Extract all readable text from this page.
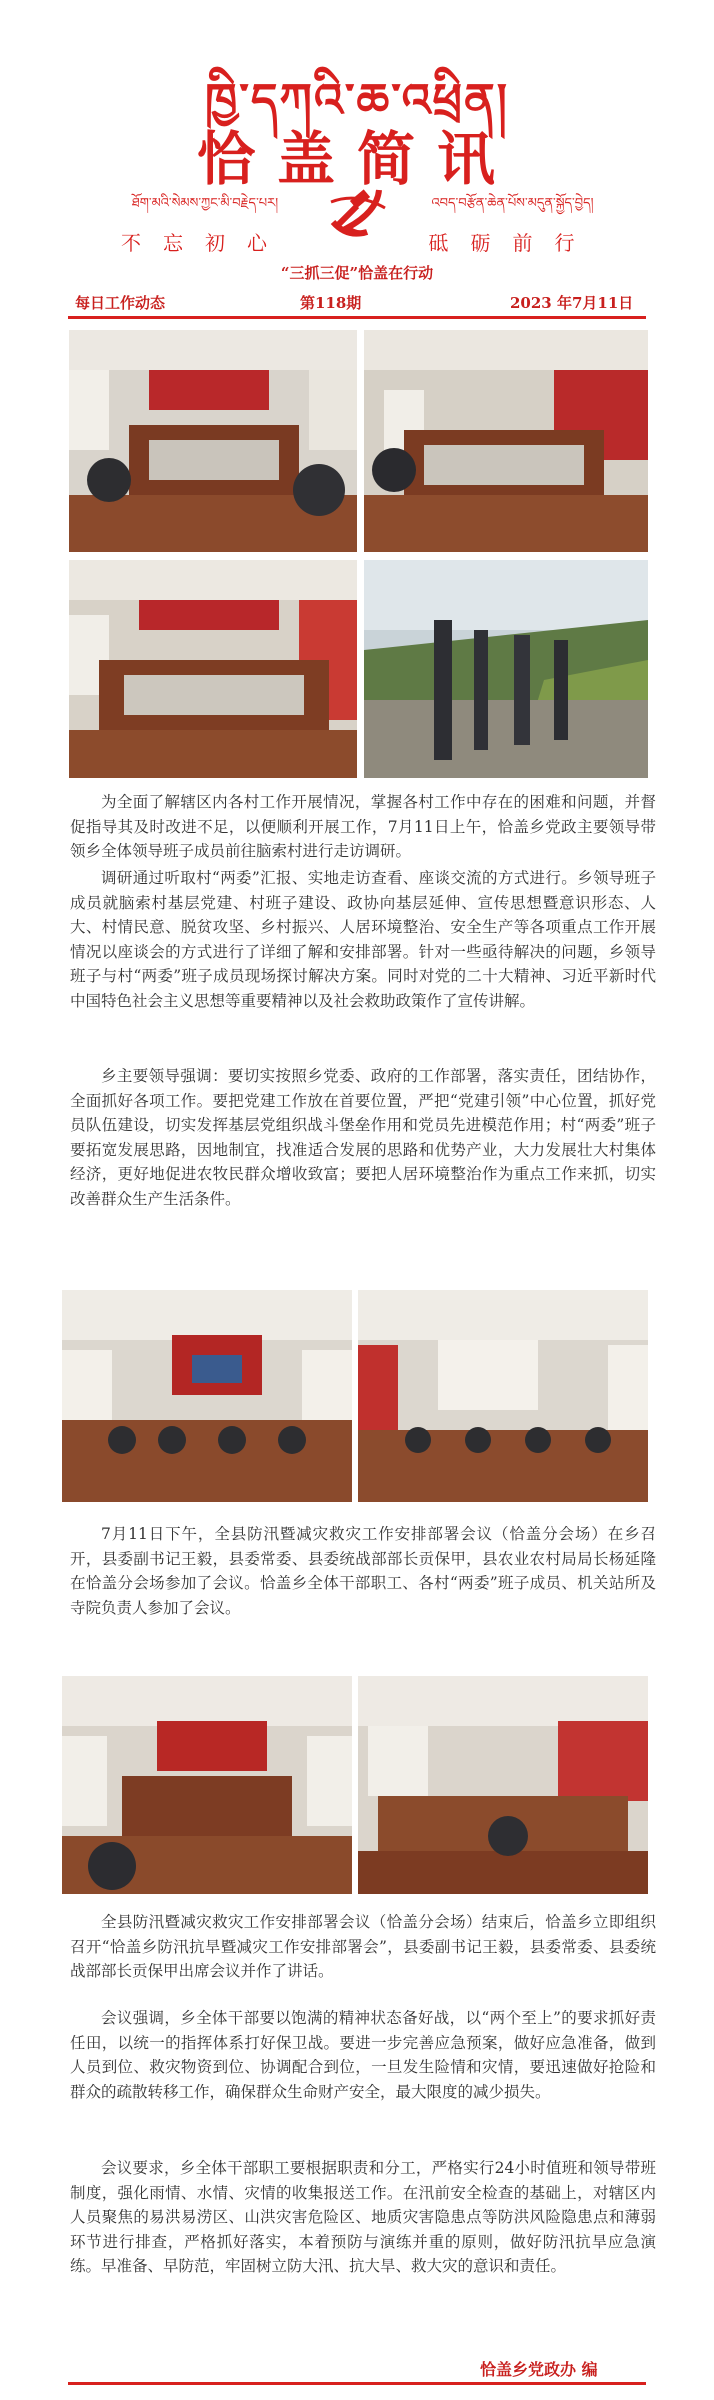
ཁྱི་དཀའི་ཆ་འཕྲིན།
恰盖简讯
ཐོག་མའི་སེམས་ཀྱང་མི་བརྗེད་པར།
不忘初心
འབད་བརྩོན་ཆེན་པོས་མདུན་སྐྱོད་བྱེད།
砥砺前行
“三抓三促”恰盖在行动
每日工作动态	第118期	2023 年7月11日

为全面了解辖区内各村工作开展情况，掌握各村工作中存在的困难和问题，并督促指导其及时改进不足，以便顺利开展工作，7月11日上午，恰盖乡党政主要领导带领乡全体领导班子成员前往脑索村进行走访调研。

调研通过听取村“两委”汇报、实地走访查看、座谈交流的方式进行。乡领导班子成员就脑索村基层党建、村班子建设、政协向基层延伸、宣传思想暨意识形态、人大、村情民意、脱贫攻坚、乡村振兴、人居环境整治、安全生产等各项重点工作开展情况以座谈会的方式进行了详细了解和安排部署。针对一些亟待解决的问题，乡领导班子与村“两委”班子成员现场探讨解决方案。同时对党的二十大精神、习近平新时代中国特色社会主义思想等重要精神以及社会救助政策作了宣传讲解。

乡主要领导强调：要切实按照乡党委、政府的工作部署，落实责任，团结协作，全面抓好各项工作。要把党建工作放在首要位置，严把“党建引领”中心位置，抓好党员队伍建设，切实发挥基层党组织战斗堡垒作用和党员先进模范作用；村“两委”班子要拓宽发展思路，因地制宜，找准适合发展的思路和优势产业，大力发展壮大村集体经济，更好地促进农牧民群众增收致富；要把人居环境整治作为重点工作来抓，切实改善群众生产生活条件。

7月11日下午，全县防汛暨减灾救灾工作安排部署会议（恰盖分会场）在乡召开，县委副书记王毅，县委常委、县委统战部部长贡保甲，县农业农村局局长杨延隆在恰盖分会场参加了会议。恰盖乡全体干部职工、各村“两委”班子成员、机关站所及寺院负责人参加了会议。

全县防汛暨减灾救灾工作安排部署会议（恰盖分会场）结束后，恰盖乡立即组织召开“恰盖乡防汛抗旱暨减灾工作安排部署会”，县委副书记王毅，县委常委、县委统战部部长贡保甲出席会议并作了讲话。

会议强调，乡全体干部要以饱满的精神状态备好战，以“两个至上”的要求抓好责任田，以统一的指挥体系打好保卫战。要进一步完善应急预案，做好应急准备，做到人员到位、救灾物资到位、协调配合到位，一旦发生险情和灾情，要迅速做好抢险和群众的疏散转移工作，确保群众生命财产安全，最大限度的减少损失。

会议要求，乡全体干部职工要根据职责和分工，严格实行24小时值班和领导带班制度，强化雨情、水情、灾情的收集报送工作。在汛前安全检查的基础上，对辖区内人员聚焦的易洪易涝区、山洪灾害危险区、地质灾害隐患点等防洪风险隐患点和薄弱环节进行排查，严格抓好落实，本着预防与演练并重的原则，做好防汛抗旱应急演练。早准备、早防范，牢固树立防大汛、抗大旱、救大灾的意识和责任。

恰盖乡党政办 编
